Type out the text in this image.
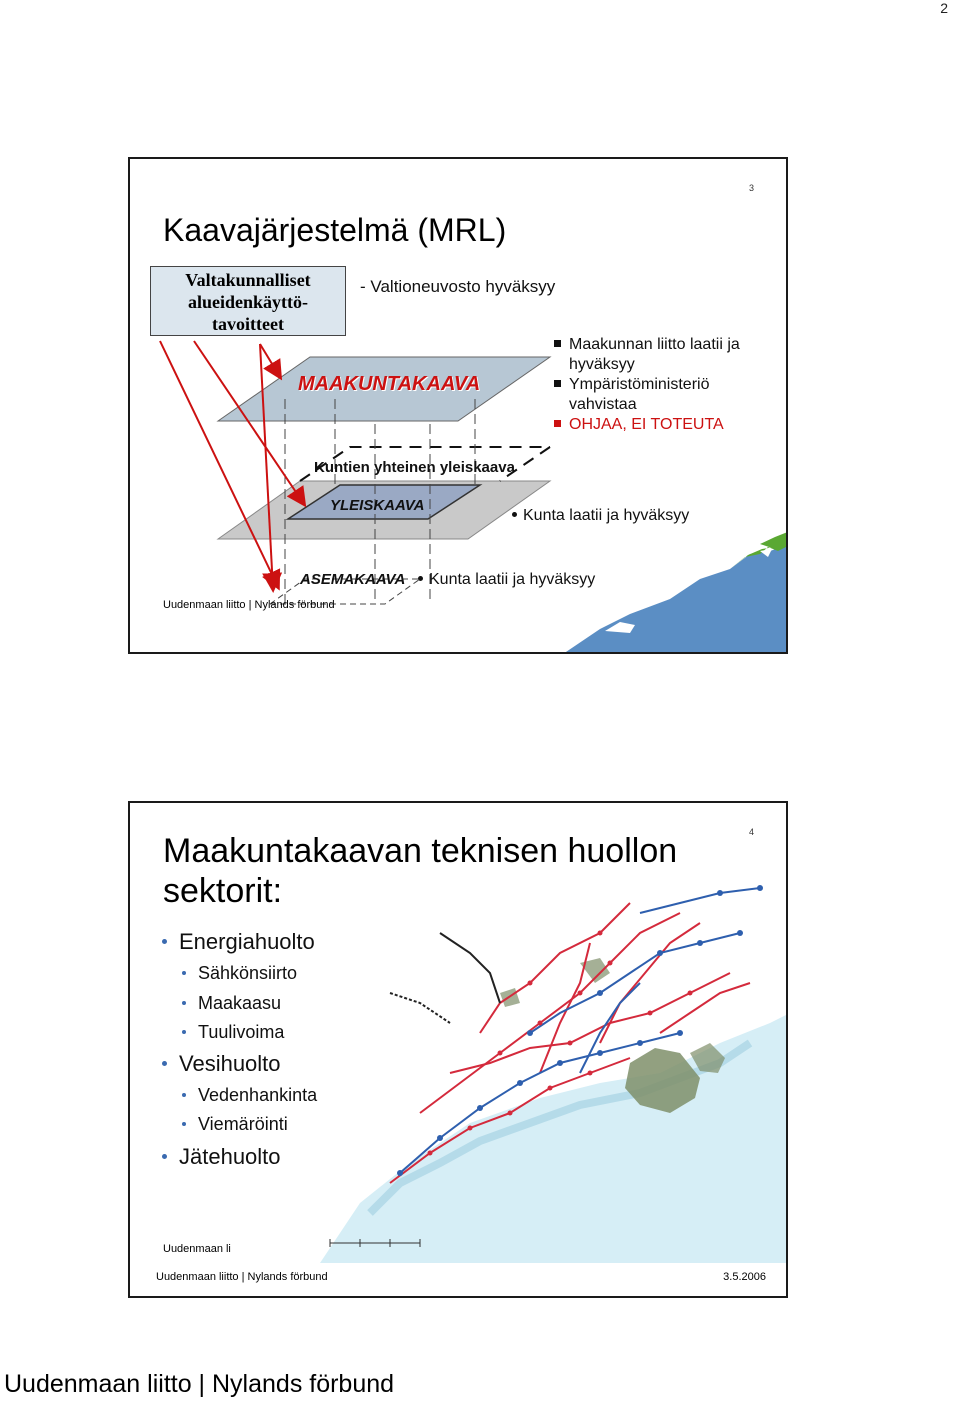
2
3
Kaavajärjestelmä (MRL)
Valtakunnalliset
alueidenkäyttö-
tavoitteet
- Valtioneuvosto hyväksyy
MAAKUNTAKAAVA
Maakunnan liitto laatii ja
hyväksyy
Ympäristöministeriö
vahvistaa
OHJAA, EI TOTEUTA
Kuntien yhteinen yleiskaava
YLEISKAAVA
Kunta laatii ja hyväksyy
ASEMAKAAVA	Kunta laatii ja hyväksyy
Uudenmaan liitto | Nylands förbund
4
Maakuntakaavan teknisen huollon
sektorit:
Energiahuolto
Sähkönsiirto
Maakaasu
Tuulivoima
Vesihuolto
Vedenhankinta
Viemäröinti
Jätehuolto
Uudenmaan li
Uudenmaan liitto | Nylands förbund	3.5.2006
Uudenmaan liitto | Nylands förbund
